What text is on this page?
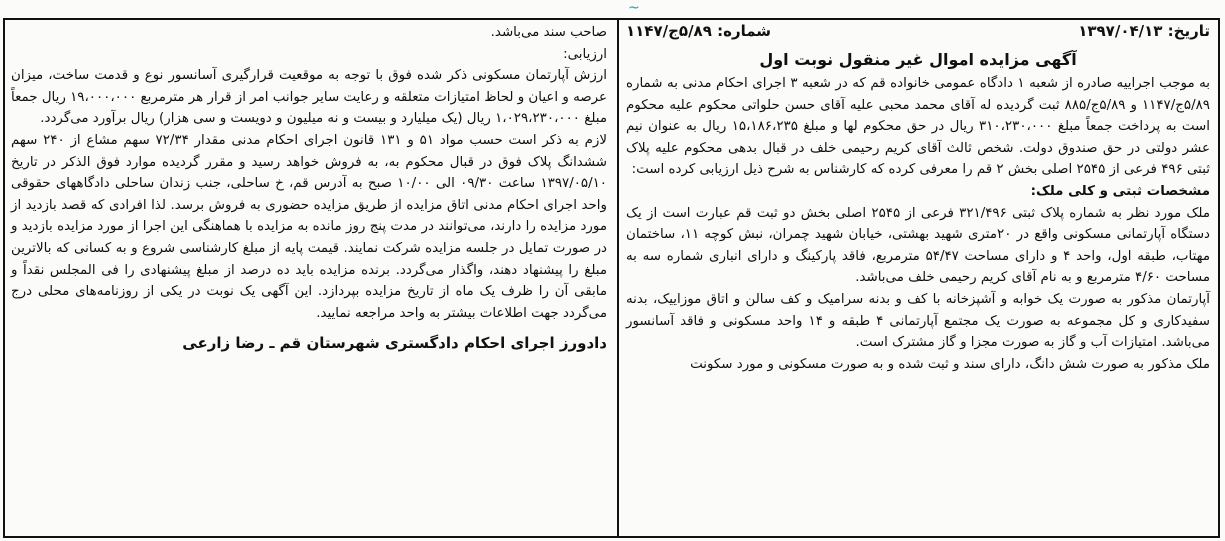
~
تاریخ: ۱۳۹۷/۰۴/۱۳
شماره: ۵/۸۹ج/۱۱۴۷
آگهی مزایده اموال غیر منقول نوبت اول

به موجب اجراییه صادره از شعبه ۱ دادگاه عمومی خانواده قم که در شعبه ۳ اجرای احکام مدنی به شماره ۵/۸۹ج/۱۱۴۷ و ۵/۸۹ج/۸۸۵ ثبت گردیده له آقای محمد محبی علیه آقای حسن حلواتی محکوم علیه محکوم است به پرداخت جمعاً مبلغ ۳۱۰،۲۳۰،۰۰۰ ریال در حق محکوم لها و مبلغ ۱۵،۱۸۶،۲۳۵ ریال به عنوان نیم عشر دولتی در حق صندوق دولت. شخص ثالث آقای کریم رحیمی خلف در قبال بدهی محکوم علیه پلاک ثبتی ۴۹۶ فرعی از ۲۵۴۵ اصلی بخش ۲ قم را معرفی کرده که کارشناس به شرح ذیل ارزیابی کرده است:

مشخصات ثبتی و کلی ملک:

ملک مورد نظر به شماره پلاک ثبتی ۳۲۱/۴۹۶ فرعی از ۲۵۴۵ اصلی بخش دو ثبت قم عبارت است از یک دستگاه آپارتمانی مسکونی واقع در ۲۰متری شهید بهشتی، خیابان شهید چمران، نبش کوچه ۱۱، ساختمان مهتاب، طبقه اول، واحد ۴ و دارای مساحت ۵۴/۴۷ مترمربع، فاقد پارکینگ و دارای انباری شماره سه به مساحت ۴/۶۰ مترمربع و به نام آقای کریم رحیمی خلف می‌باشد.

آپارتمان مذکور به صورت یک خوابه و آشپزخانه با کف و بدنه سرامیک و کف سالن و اتاق موزاییک، بدنه سفیدکاری و کل مجموعه به صورت یک مجتمع آپارتمانی ۴ طبقه و ۱۴ واحد مسکونی و فاقد آسانسور می‌باشد. امتیازات آب و گاز به صورت مجزا و گاز مشترک است.

ملک مذکور به صورت شش دانگ، دارای سند و ثبت شده و به صورت مسکونی و مورد سکونت

صاحب سند می‌باشد.

ارزیابی:

ارزش آپارتمان مسکونی ذکر شده فوق با توجه به موقعیت قرارگیری آسانسور نوع و قدمت ساخت، میزان عرصه و اعیان و لحاظ امتیازات متعلقه و رعایت سایر جوانب امر از قرار هر مترمربع ۱۹،۰۰۰،۰۰۰ ریال جمعاً مبلغ ۱،۰۲۹،۲۳۰،۰۰۰ ریال (یک میلیارد و بیست و نه میلیون و دویست و سی هزار) ریال برآورد می‌گردد.

لازم به ذکر است حسب مواد ۵۱ و ۱۳۱ قانون اجرای احکام مدنی مقدار ۷۲/۳۴ سهم مشاع از ۲۴۰ سهم ششدانگ پلاک فوق در قبال محکوم به، به فروش خواهد رسید و مقرر گردیده موارد فوق الذکر در تاریخ ۱۳۹۷/۰۵/۱۰ ساعت ۰۹/۳۰ الی ۱۰/۰۰ صبح به آدرس قم، خ ساحلی، جنب زندان ساحلی دادگاههای حقوقی واحد اجرای احکام مدنی اتاق مزایده از طریق مزایده حضوری به فروش برسد. لذا افرادی که قصد بازدید از مورد مزایده را دارند، می‌توانند در مدت پنج روز مانده به مزایده با هماهنگی این اجرا از مورد مزایده بازدید و در صورت تمایل در جلسه مزایده شرکت نمایند. قیمت پایه از مبلغ کارشناسی شروع و به کسانی که بالاترین مبلغ را پیشنهاد دهند، واگذار می‌گردد. برنده مزایده باید ده درصد از مبلغ پیشنهادی را فی المجلس نقداً و مابقی آن را ظرف یک ماه از تاریخ مزایده بپردازد. این آگهی یک نوبت در یکی از روزنامه‌های محلی درج می‌گردد جهت اطلاعات بیشتر به واحد مراجعه نمایید.

دادورز اجرای احکام دادگستری شهرستان قم ـ رضا زارعی
